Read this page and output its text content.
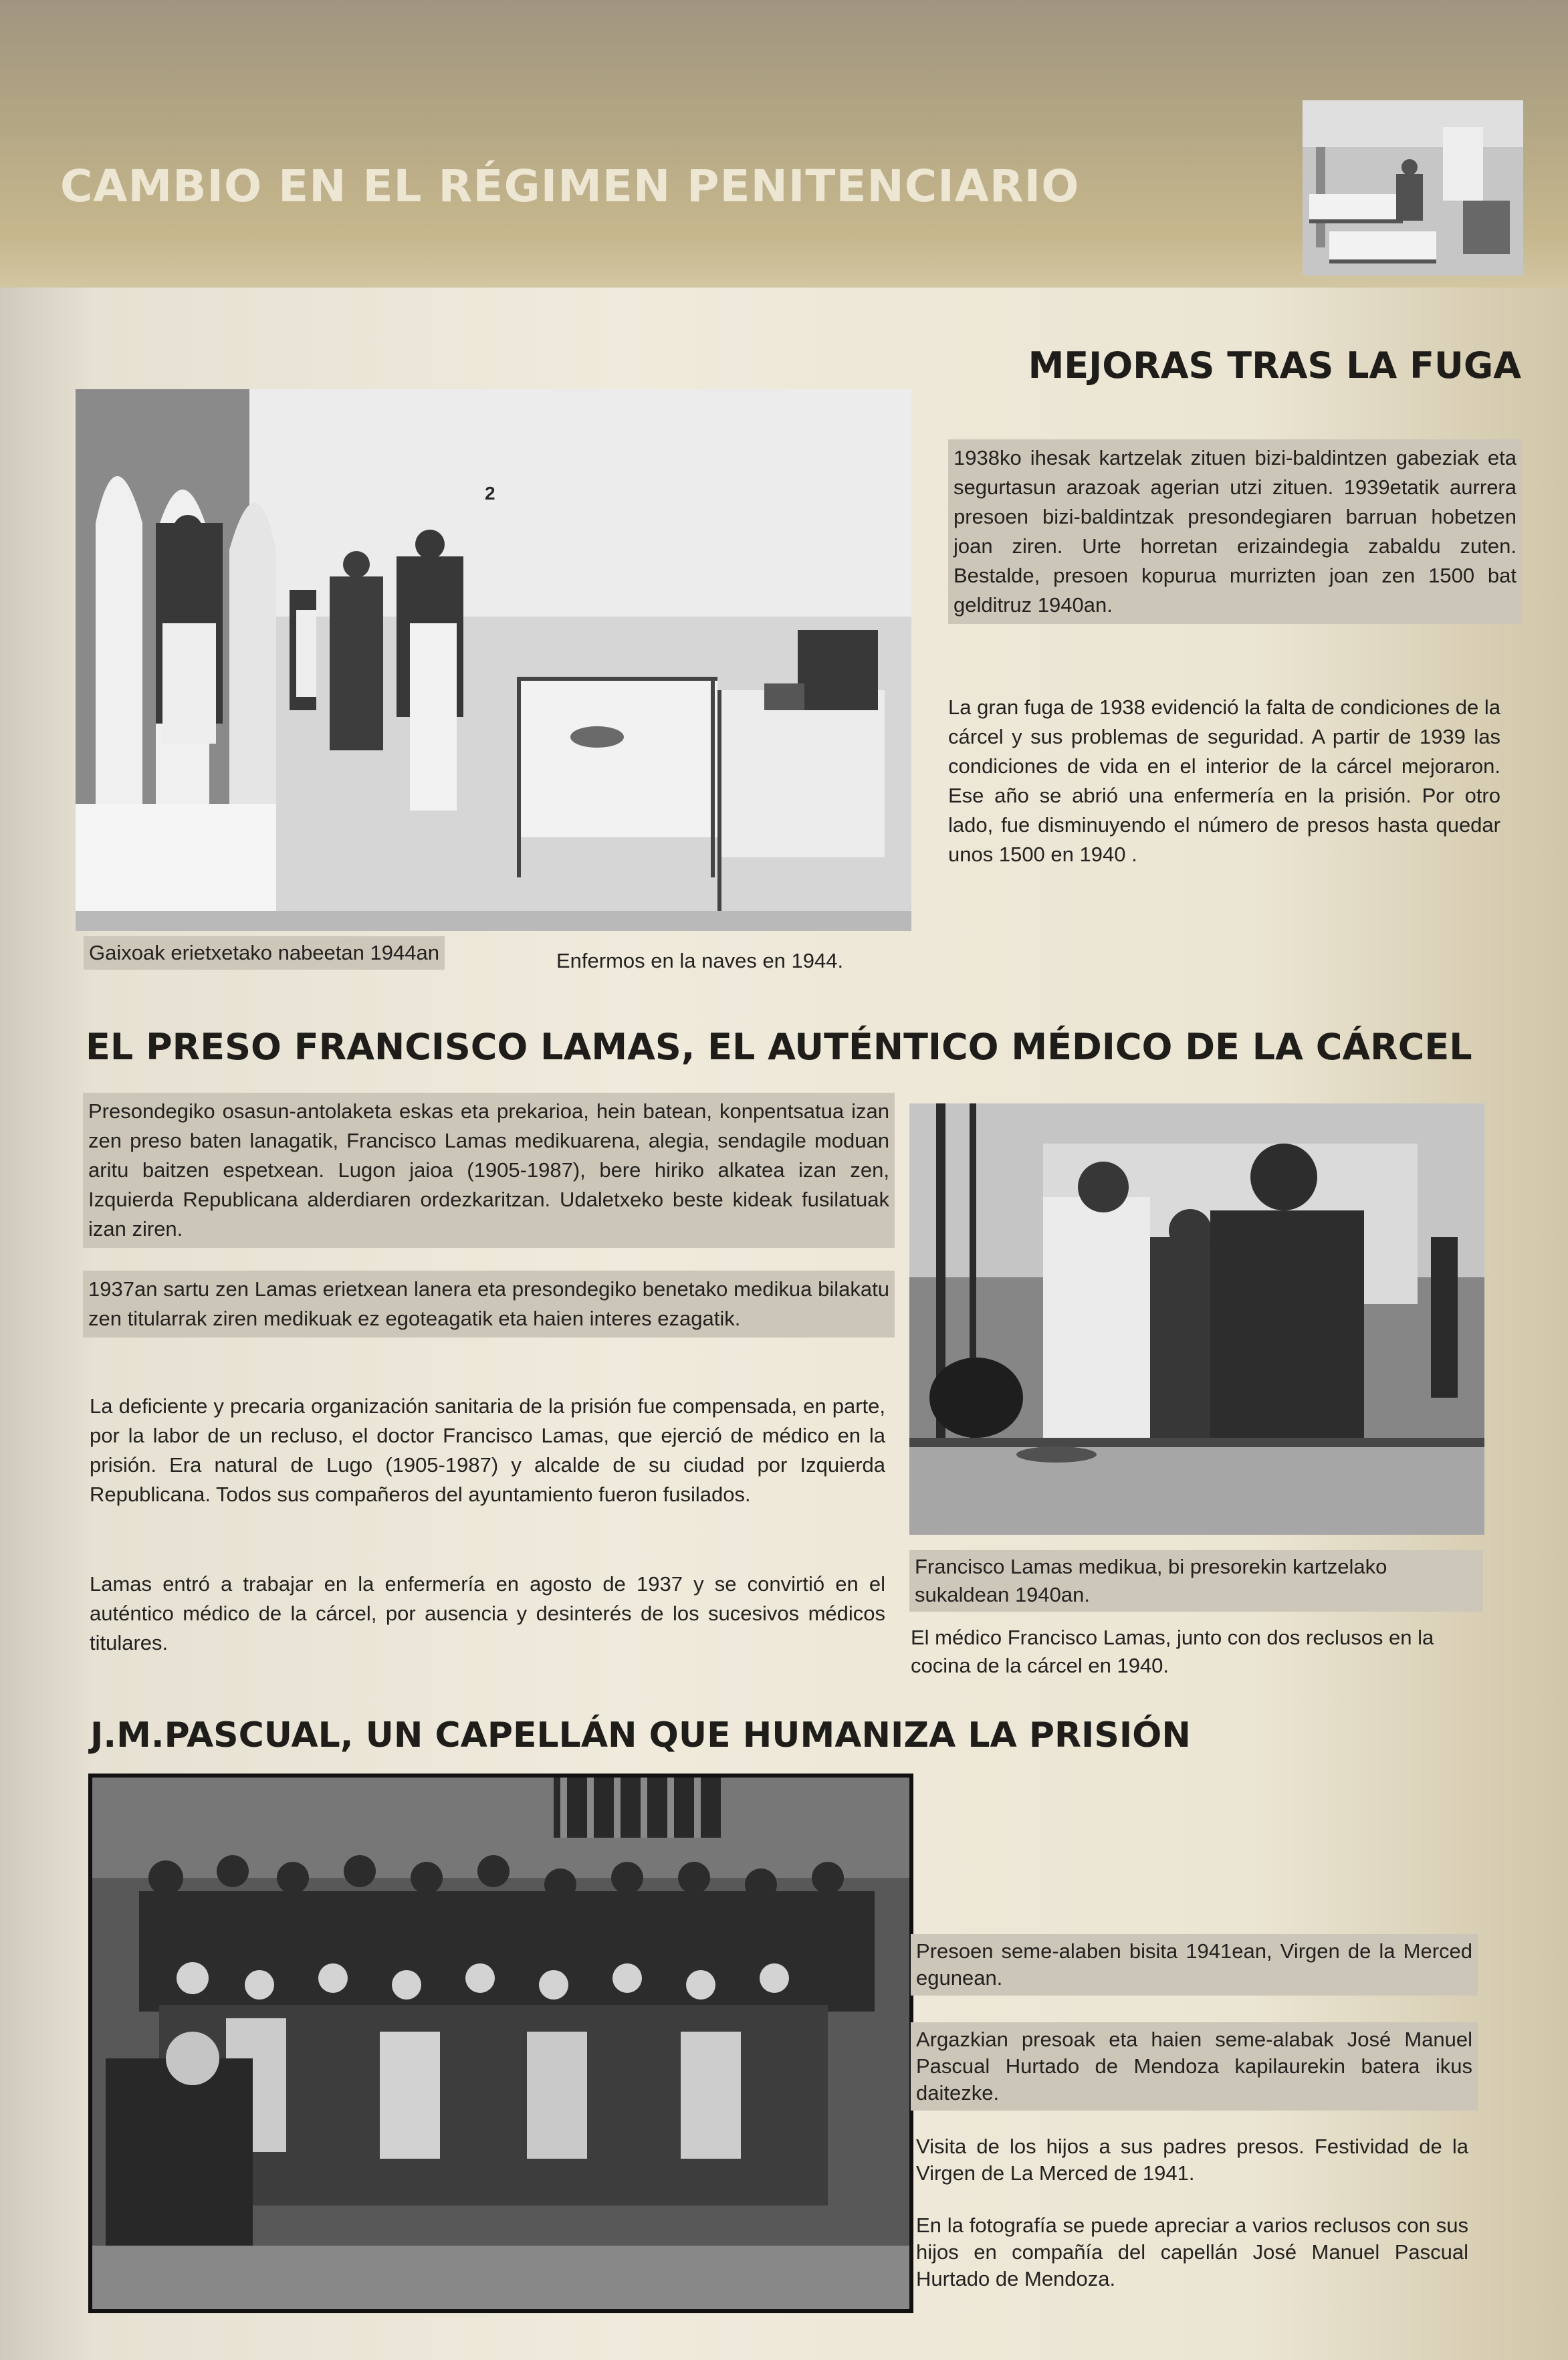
CAMBIO EN EL RÉGIMEN PENITENCIARIO
MEJORAS TRAS LA FUGA
2

1938ko ihesak kartzelak zituen bizi-baldintzen gabeziak eta segurtasun arazoak agerian utzi zituen. 1939etatik aurrera presoen bizi-baldintzak presondegiaren barruan hobetzen joan ziren. Urte horretan erizaindegia zabaldu zuten. Bestalde, presoen kopurua murrizten joan zen 1500 bat gelditruz 1940an.

La gran fuga de 1938 evidenció la falta de condiciones de la cárcel y sus problemas de seguridad. A partir de 1939 las condiciones de vida en el interior de la cárcel mejoraron. Ese año se abrió una enfermería en la prisión. Por otro lado, fue disminuyendo el número de presos hasta quedar unos 1500 en 1940 .

Gaixoak erietxetako nabeetan 1944an	Enfermos en la naves en 1944.

EL PRESO FRANCISCO LAMAS, EL AUTÉNTICO MÉDICO DE LA CÁRCEL

Presondegiko osasun-antolaketa eskas eta prekarioa, hein batean, konpentsatua izan zen preso baten lanagatik, Francisco Lamas medikuarena, alegia, sendagile moduan aritu baitzen espetxean. Lugon jaioa (1905-1987), bere hiriko alkatea izan zen, Izquierda Republicana alderdiaren ordezkaritzan. Udaletxeko beste kideak fusilatuak izan ziren.

1937an sartu zen Lamas erietxean lanera eta presondegiko benetako medikua bilakatu zen titularrak ziren medikuak ez egoteagatik eta haien interes ezagatik.

La deficiente y precaria organización sanitaria de la prisión fue compensada, en parte, por la labor de un recluso, el doctor Francisco Lamas, que ejerció de médico en la prisión. Era natural de Lugo (1905-1987) y alcalde de su ciudad por Izquierda Republicana. Todos sus compañeros del ayuntamiento fueron fusilados.

Lamas entró a trabajar en la enfermería en agosto de 1937 y se convirtió en el auténtico médico de la cárcel, por ausencia y desinterés de los sucesivos médicos titulares.

Francisco Lamas medikua, bi presorekin kartzelako sukaldean 1940an.

El médico Francisco Lamas, junto con dos reclusos en la cocina de la cárcel en 1940.

J.M.PASCUAL, UN CAPELLÁN QUE HUMANIZA LA PRISIÓN

Presoen seme-alaben bisita 1941ean, Virgen de la Merced egunean.

Argazkian presoak eta haien seme-alabak José Manuel Pascual Hurtado de Mendoza kapilaurekin batera ikus daitezke.

Visita de los hijos a sus padres presos. Festividad de la Virgen de La Merced de 1941.

En la fotografía se puede apreciar a varios reclusos con sus hijos en compañía del capellán José Manuel Pascual Hurtado de Mendoza.
